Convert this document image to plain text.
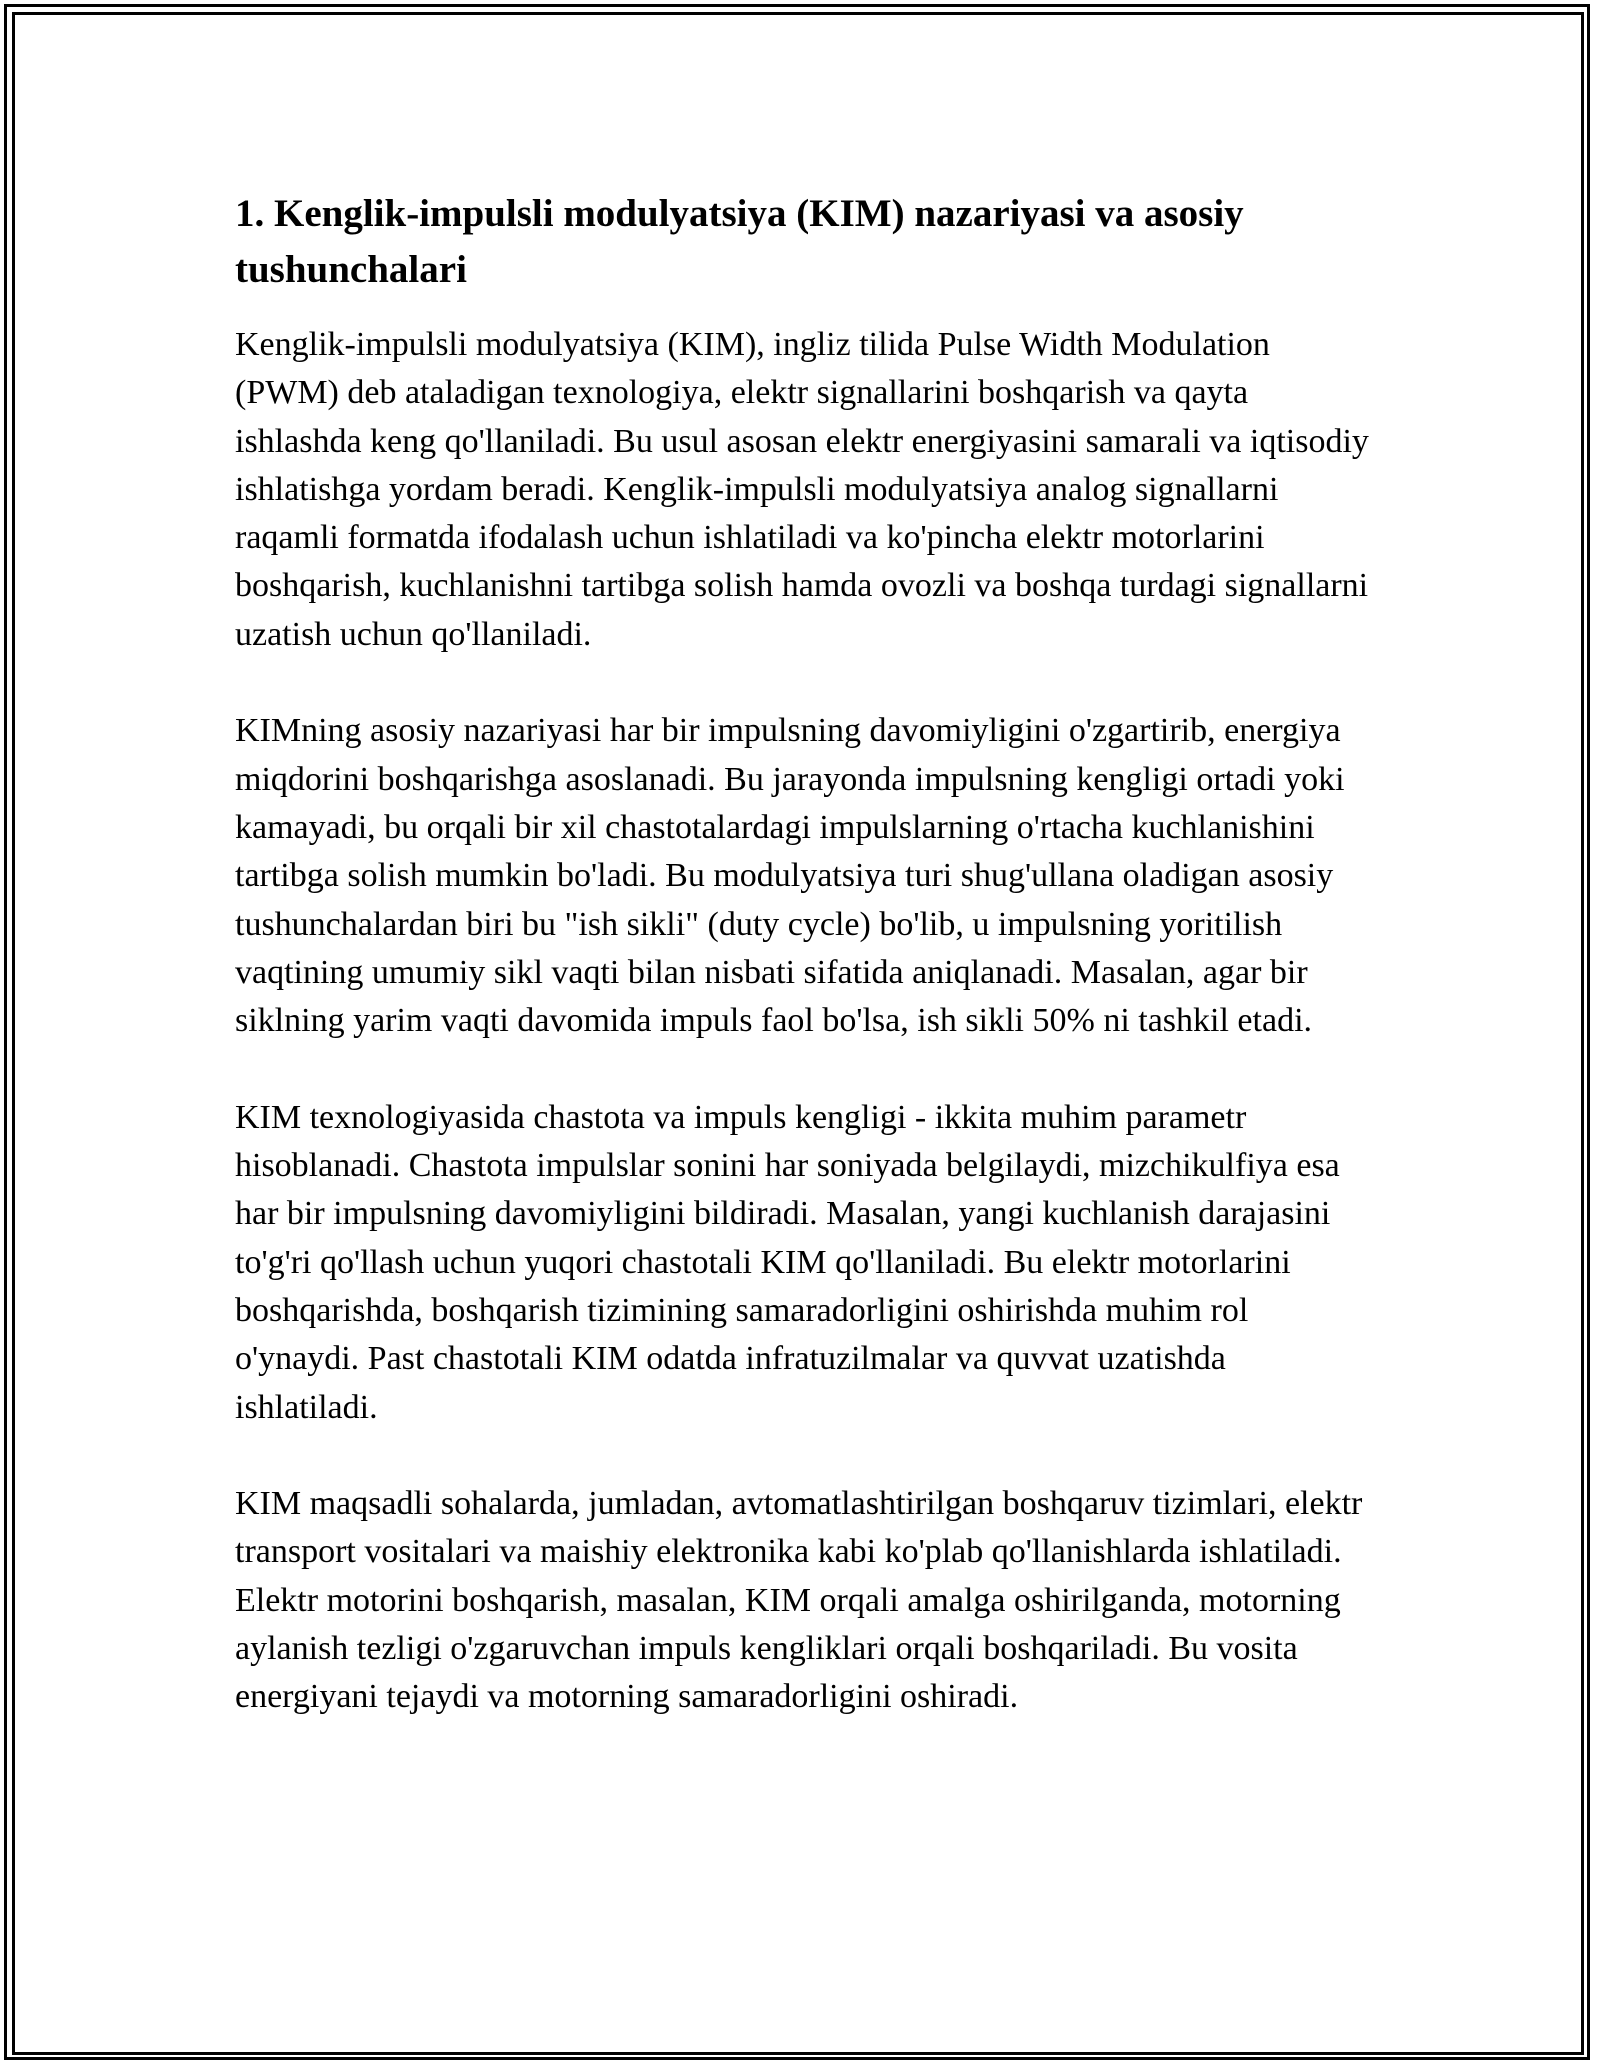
1. Kenglik-impulsli modulyatsiya (KIM) nazariyasi va asosiy tushunchalari

Kenglik-impulsli modulyatsiya (KIM), ingliz tilida Pulse Width Modulation (PWM) deb ataladigan texnologiya, elektr signallarini boshqarish va qayta ishlashda keng qo'llaniladi. Bu usul asosan elektr energiyasini samarali va iqtisodiy ishlatishga yordam beradi. Kenglik-impulsli modulyatsiya analog signallarni raqamli formatda ifodalash uchun ishlatiladi va ko'pincha elektr motorlarini boshqarish, kuchlanishni tartibga solish hamda ovozli va boshqa turdagi signallarni uzatish uchun qo'llaniladi.

KIMning asosiy nazariyasi har bir impulsning davomiyligini o'zgartirib, energiya miqdorini boshqarishga asoslanadi. Bu jarayonda impulsning kengligi ortadi yoki kamayadi, bu orqali bir xil chastotalardagi impulslarning o'rtacha kuchlanishini tartibga solish mumkin bo'ladi. Bu modulyatsiya turi shug'ullana oladigan asosiy tushunchalardan biri bu "ish sikli" (duty cycle) bo'lib, u impulsning yoritilish vaqtining umumiy sikl vaqti bilan nisbati sifatida aniqlanadi. Masalan, agar bir siklning yarim vaqti davomida impuls faol bo'lsa, ish sikli 50% ni tashkil etadi.

KIM texnologiyasida chastota va impuls kengligi - ikkita muhim parametr hisoblanadi. Chastota impulslar sonini har soniyada belgilaydi, mizchikulfiya esa har bir impulsning davomiyligini bildiradi. Masalan, yangi kuchlanish darajasini to'g'ri qo'llash uchun yuqori chastotali KIM qo'llaniladi. Bu elektr motorlarini boshqarishda, boshqarish tizimining samaradorligini oshirishda muhim rol o'ynaydi. Past chastotali KIM odatda infratuzilmalar va quvvat uzatishda ishlatiladi.

KIM maqsadli sohalarda, jumladan, avtomatlashtirilgan boshqaruv tizimlari, elektr transport vositalari va maishiy elektronika kabi ko'plab qo'llanishlarda ishlatiladi. Elektr motorini boshqarish, masalan, KIM orqali amalga oshirilganda, motorning aylanish tezligi o'zgaruvchan impuls kengliklari orqali boshqariladi. Bu vosita energiyani tejaydi va motorning samaradorligini oshiradi.
